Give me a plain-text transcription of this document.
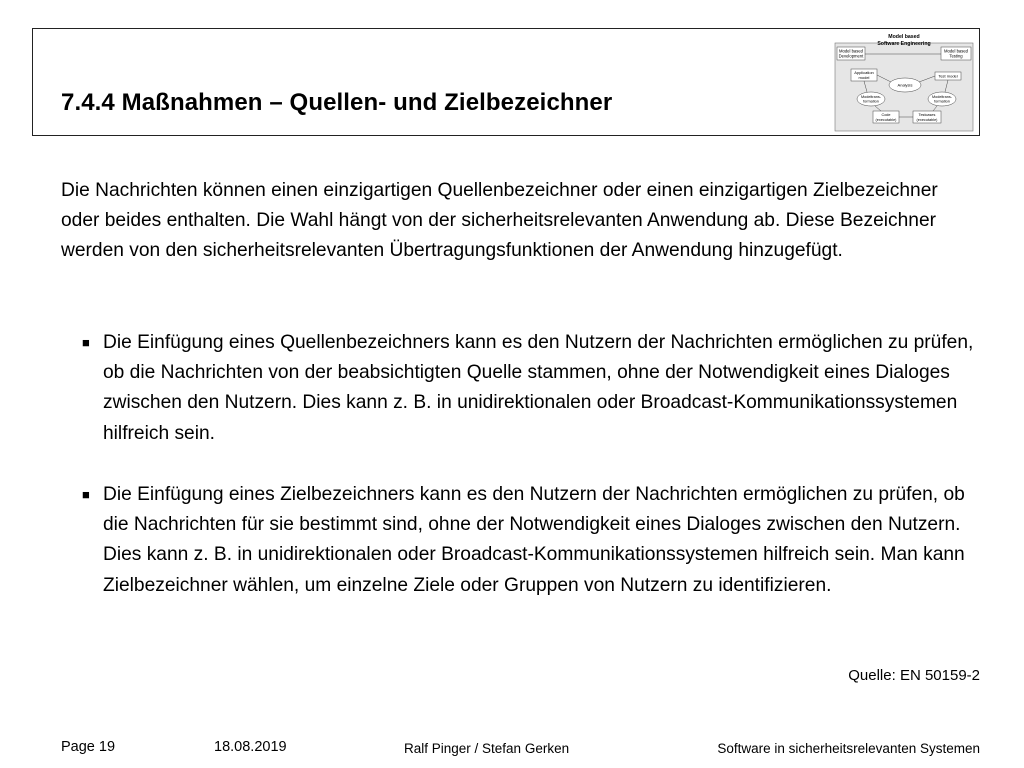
7.4.4 Maßnahmen – Quellen- und Zielbezeichner
Model based
Software Engineering
Model based
Development
Model based
Testing
Application
model	Test model
Analysis
Modeltrans-
formation
Modeltrans-
formation
Code
(executable)
Testcases
(executable)
Die Nachrichten können einen einzigartigen Quellenbezeichner oder einen einzigartigen Zielbezeichner oder beides enthalten. Die Wahl hängt von der sicherheitsrelevanten Anwendung ab. Diese Bezeichner werden von den sicherheitsrelevanten Übertragungsfunktionen der Anwendung hinzugefügt.
■ Die Einfügung eines Quellenbezeichners kann es den Nutzern der Nachrichten ermöglichen zu prüfen, ob die Nachrichten von der beabsichtigten Quelle stammen, ohne der Notwendigkeit eines Dialoges zwischen den Nutzern. Dies kann z. B. in unidirektionalen oder Broadcast-Kommunikationssystemen hilfreich sein.
■ Die Einfügung eines Zielbezeichners kann es den Nutzern der Nachrichten ermöglichen zu prüfen, ob die Nachrichten für sie bestimmt sind, ohne der Notwendigkeit eines Dialoges zwischen den Nutzern. Dies kann z. B. in unidirektionalen oder Broadcast-Kommunikationssystemen hilfreich sein. Man kann Zielbezeichner wählen, um einzelne Ziele oder Gruppen von Nutzern zu identifizieren.
Quelle: EN 50159-2
Page 19	18.08.2019	Ralf Pinger / Stefan Gerken	Software in sicherheitsrelevanten Systemen
